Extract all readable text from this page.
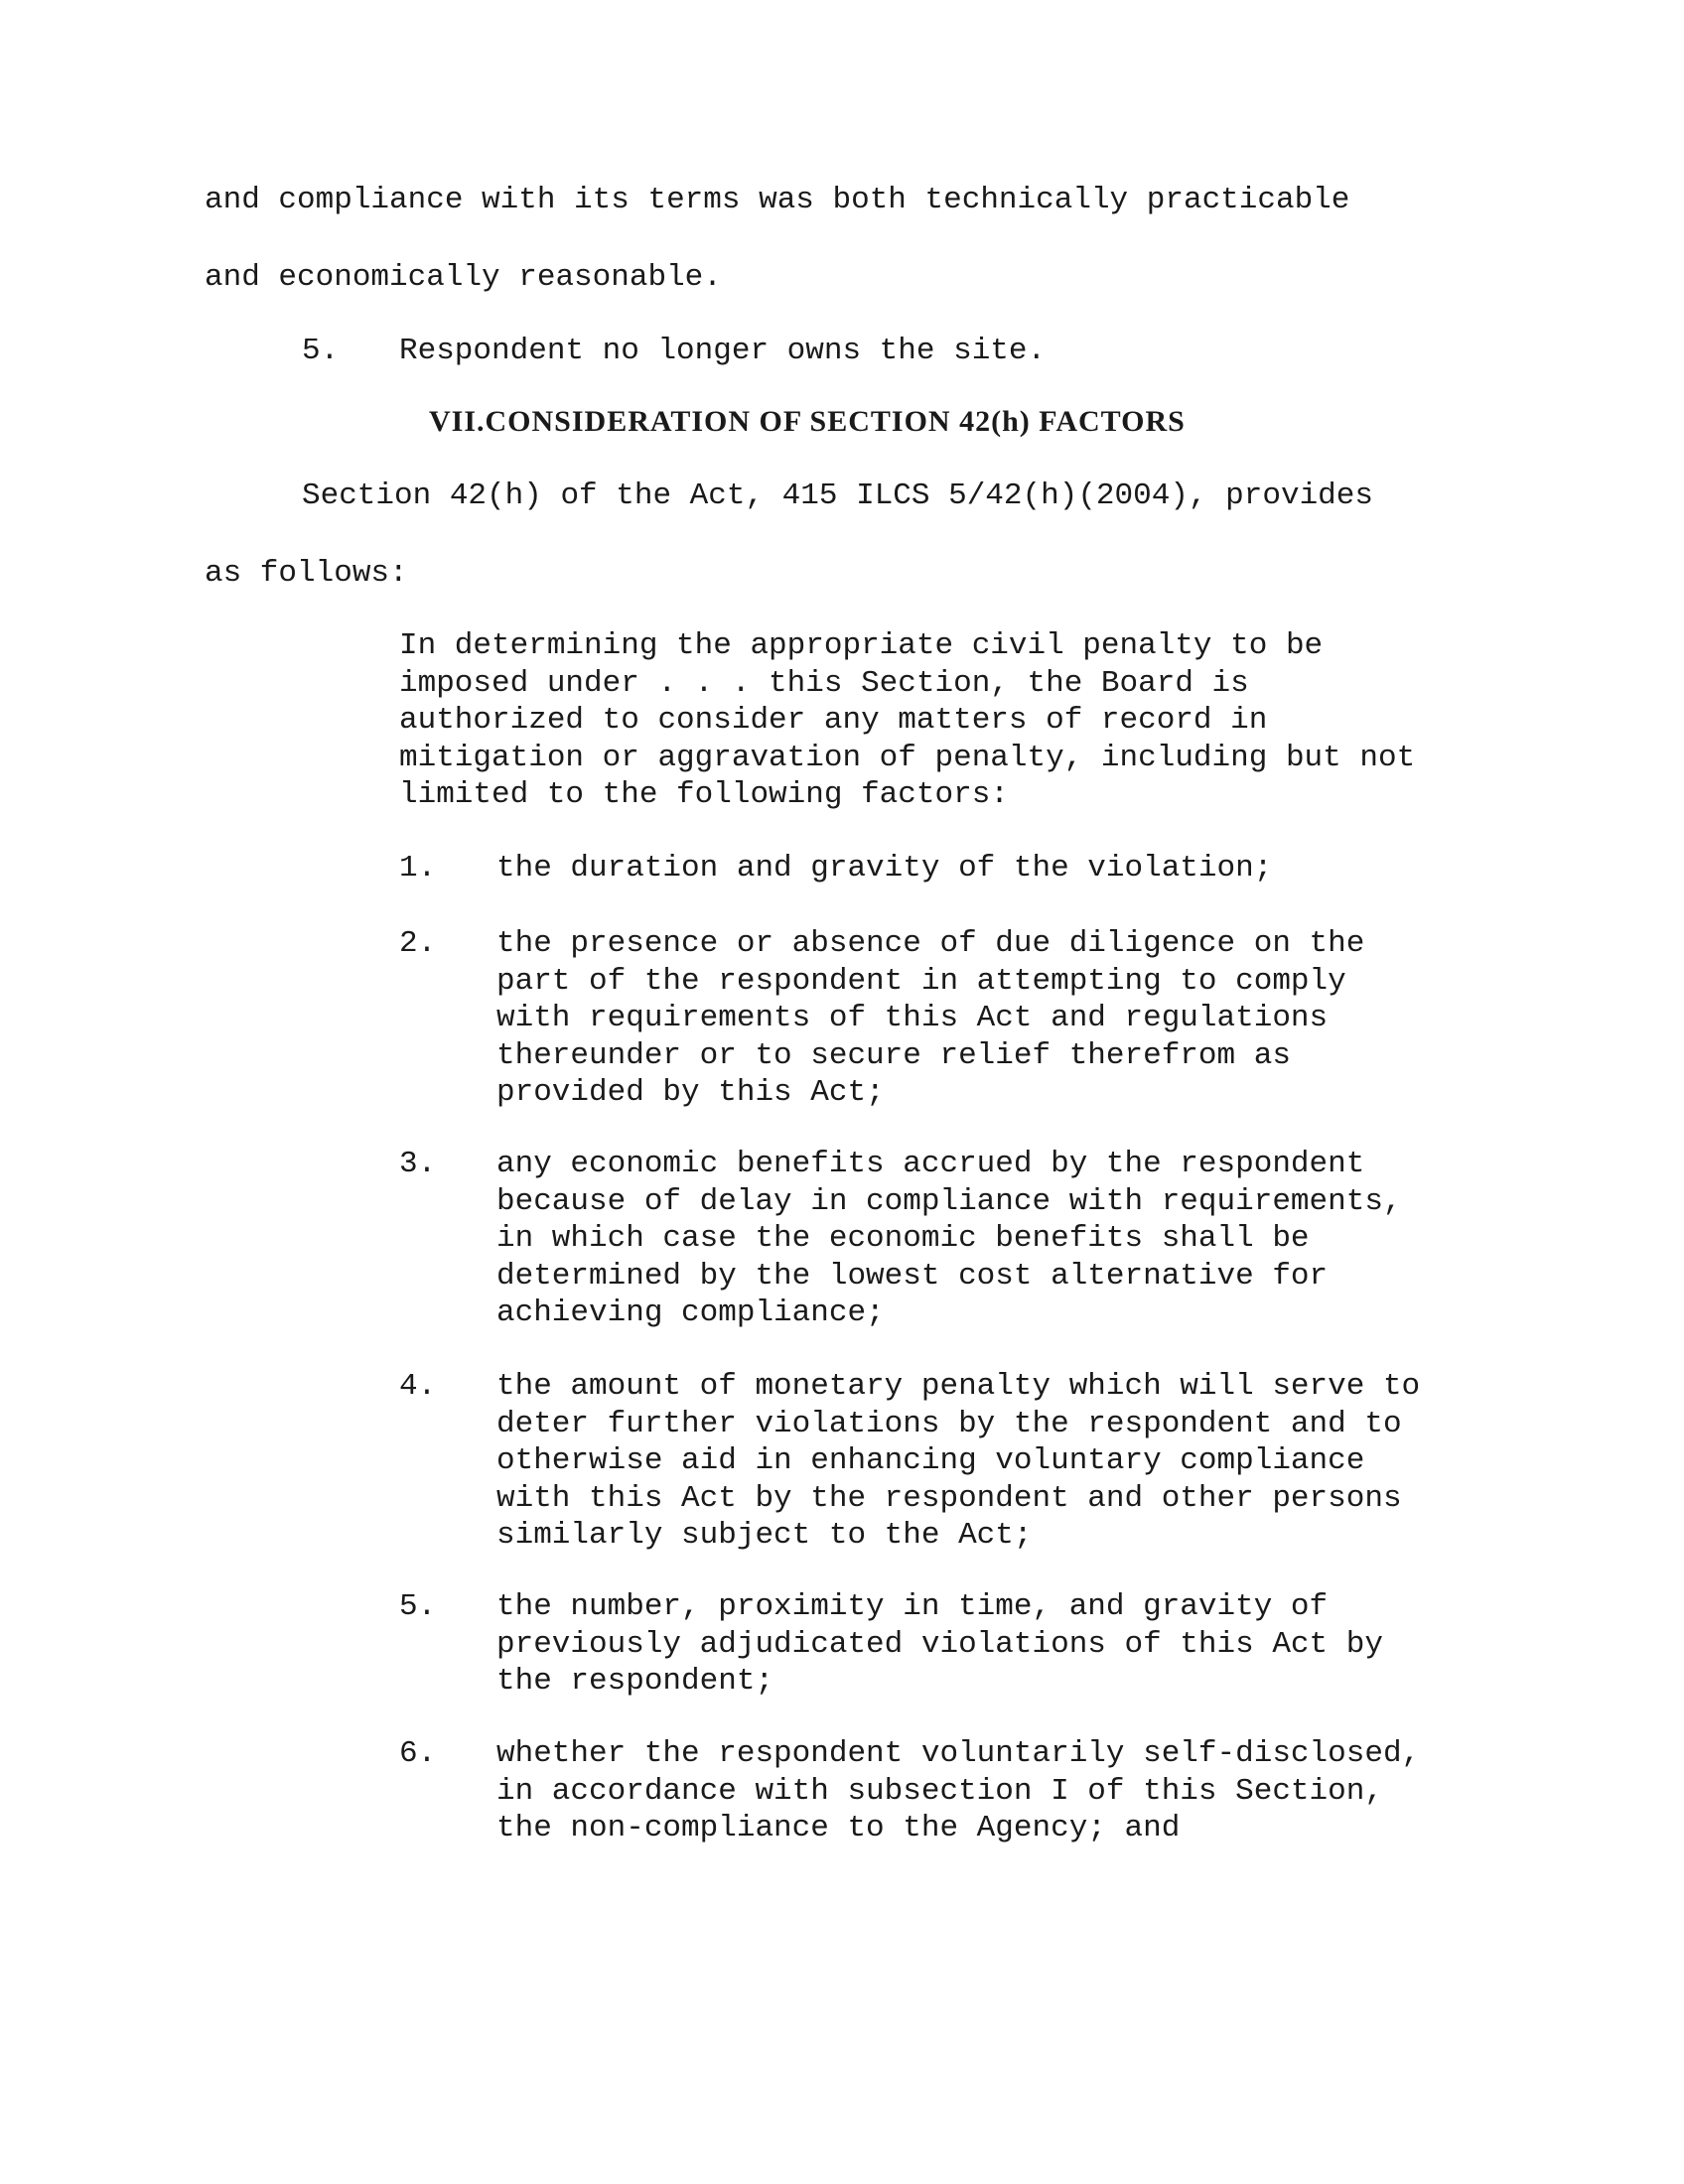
and compliance with its terms was both technically practicable
and economically reasonable.
5. Respondent no longer owns the site.
VII.CONSIDERATION OF SECTION 42(h) FACTORS
Section 42(h) of the Act, 415 ILCS 5/42(h)(2004), provides
as follows:
In determining the appropriate civil penalty to be
imposed under . . . this Section, the Board is
authorized to consider any matters of record in
mitigation or aggravation of penalty, including but not
limited to the following factors:
1. the duration and gravity of the violation;
2. the presence or absence of due diligence on the
part of the respondent in attempting to comply
with requirements of this Act and regulations
thereunder or to secure relief therefrom as
provided by this Act;
3. any economic benefits accrued by the respondent
because of delay in compliance with requirements,
in which case the economic benefits shall be
determined by the lowest cost alternative for
achieving compliance;
4. the amount of monetary penalty which will serve to
deter further violations by the respondent and to
otherwise aid in enhancing voluntary compliance
with this Act by the respondent and other persons
similarly subject to the Act;
5. the number, proximity in time, and gravity of
previously adjudicated violations of this Act by
the respondent;
6. whether the respondent voluntarily self-disclosed,
in accordance with subsection I of this Section,
the non-compliance to the Agency; and
